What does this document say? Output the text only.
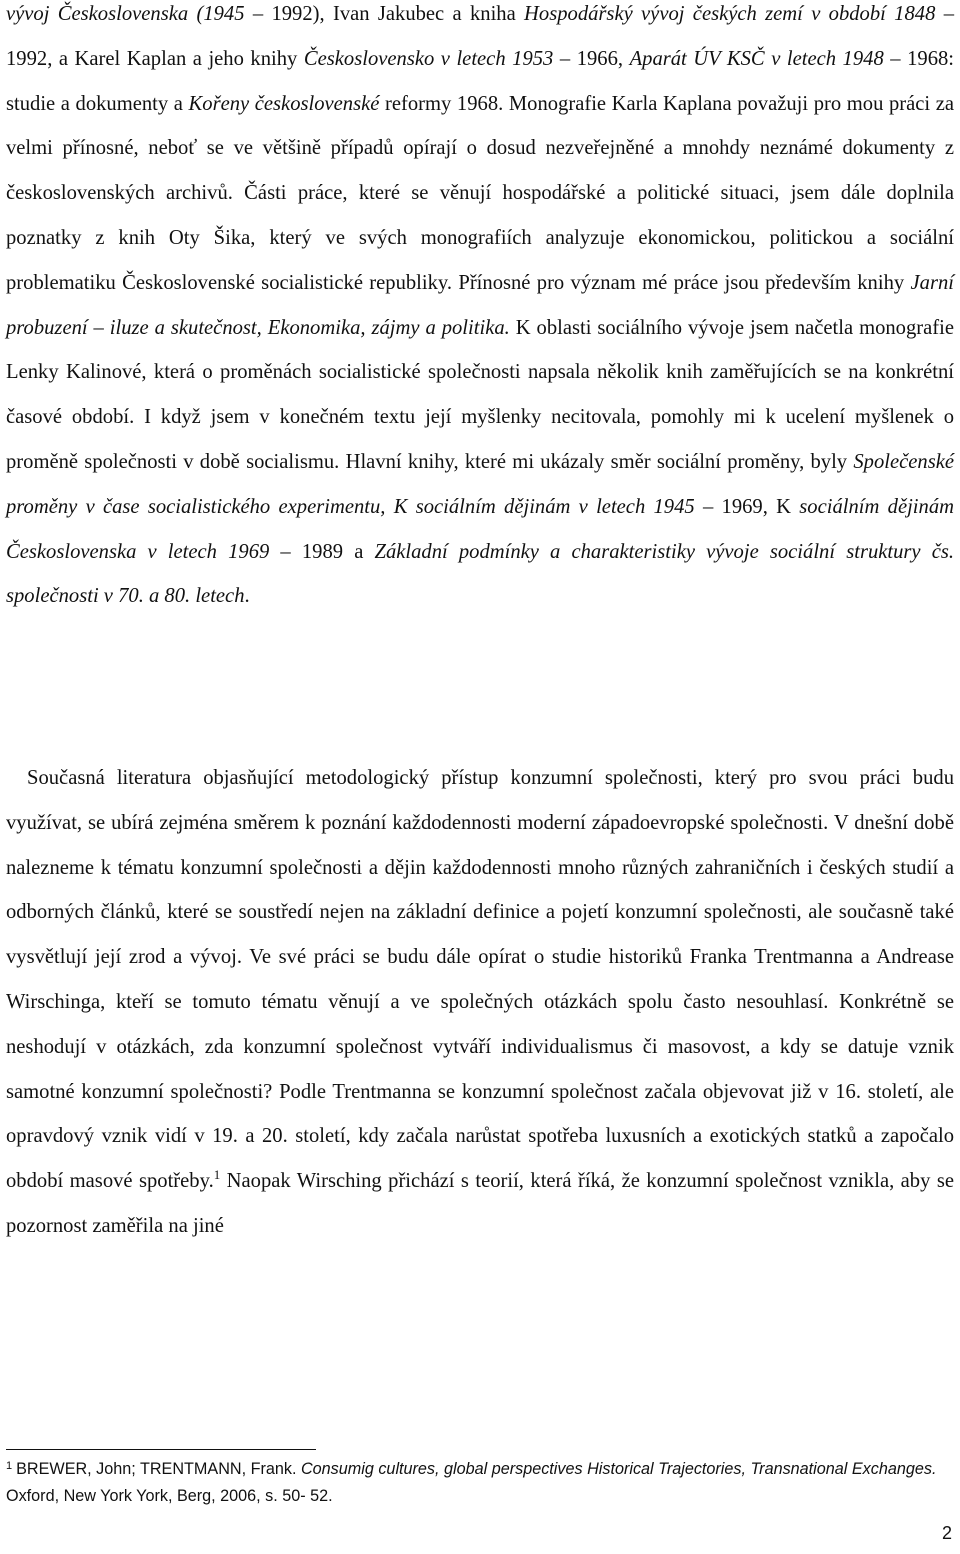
vývoj Československa (1945 – 1992), Ivan Jakubec a kniha Hospodářský vývoj českých zemí v období 1848 – 1992, a Karel Kaplan a jeho knihy Československo v letech 1953 – 1966, Aparát ÚV KSČ v letech 1948 – 1968: studie a dokumenty a Kořeny československé reformy 1968. Monografie Karla Kaplana považuji pro mou práci za velmi přínosné, neboť se ve většině případů opírají o dosud nezveřejněné a mnohdy neznámé dokumenty z československých archivů. Části práce, které se věnují hospodářské a politické situaci, jsem dále doplnila poznatky z knih Oty Šika, který ve svých monografiích analyzuje ekonomickou, politickou a sociální problematiku Československé socialistické republiky. Přínosné pro význam mé práce jsou především knihy Jarní probuzení – iluze a skutečnost, Ekonomika, zájmy a politika. K oblasti sociálního vývoje jsem načetla monografie Lenky Kalinové, která o proměnách socialistické společnosti napsala několik knih zaměřujících se na konkrétní časové období. I když jsem v konečném textu její myšlenky necitovala, pomohly mi k ucelení myšlenek o proměně společnosti v době socialismu. Hlavní knihy, které mi ukázaly směr sociální proměny, byly Společenské proměny v čase socialistického experimentu, K sociálním dějinám v letech 1945 – 1969, K sociálním dějinám Československa v letech 1969 – 1989 a Základní podmínky a charakteristiky vývoje sociální struktury čs. společnosti v 70. a 80. letech.

Současná literatura objasňující metodologický přístup konzumní společnosti, který pro svou práci budu využívat, se ubírá zejména směrem k poznání každodennosti moderní západoevropské společnosti. V dnešní době nalezneme k tématu konzumní společnosti a dějin každodennosti mnoho různých zahraničních i českých studií a odborných článků, které se soustředí nejen na základní definice a pojetí konzumní společnosti, ale současně také vysvětlují její zrod a vývoj. Ve své práci se budu dále opírat o studie historiků Franka Trentmanna a Andrease Wirschinga, kteří se tomuto tématu věnují a ve společných otázkách spolu často nesouhlasí. Konkrétně se neshodují v otázkách, zda konzumní společnost vytváří individualismus či masovost, a kdy se datuje vznik samotné konzumní společnosti? Podle Trentmanna se konzumní společnost začala objevovat již v 16. století, ale opravdový vznik vidí v 19. a 20. století, kdy začala narůstat spotřeba luxusních a exotických statků a započalo období masové spotřeby.$^1$ Naopak Wirsching přichází s teorií, která říká, že konzumní společnost vznikla, aby se pozornost zaměřila na jiné

$^1$ BREWER, John; TRENTMANN, Frank. Consumig cultures, global perspectives Historical Trajectories, Transnational Exchanges. Oxford, New York York, Berg, 2006, s. 50- 52.

2
